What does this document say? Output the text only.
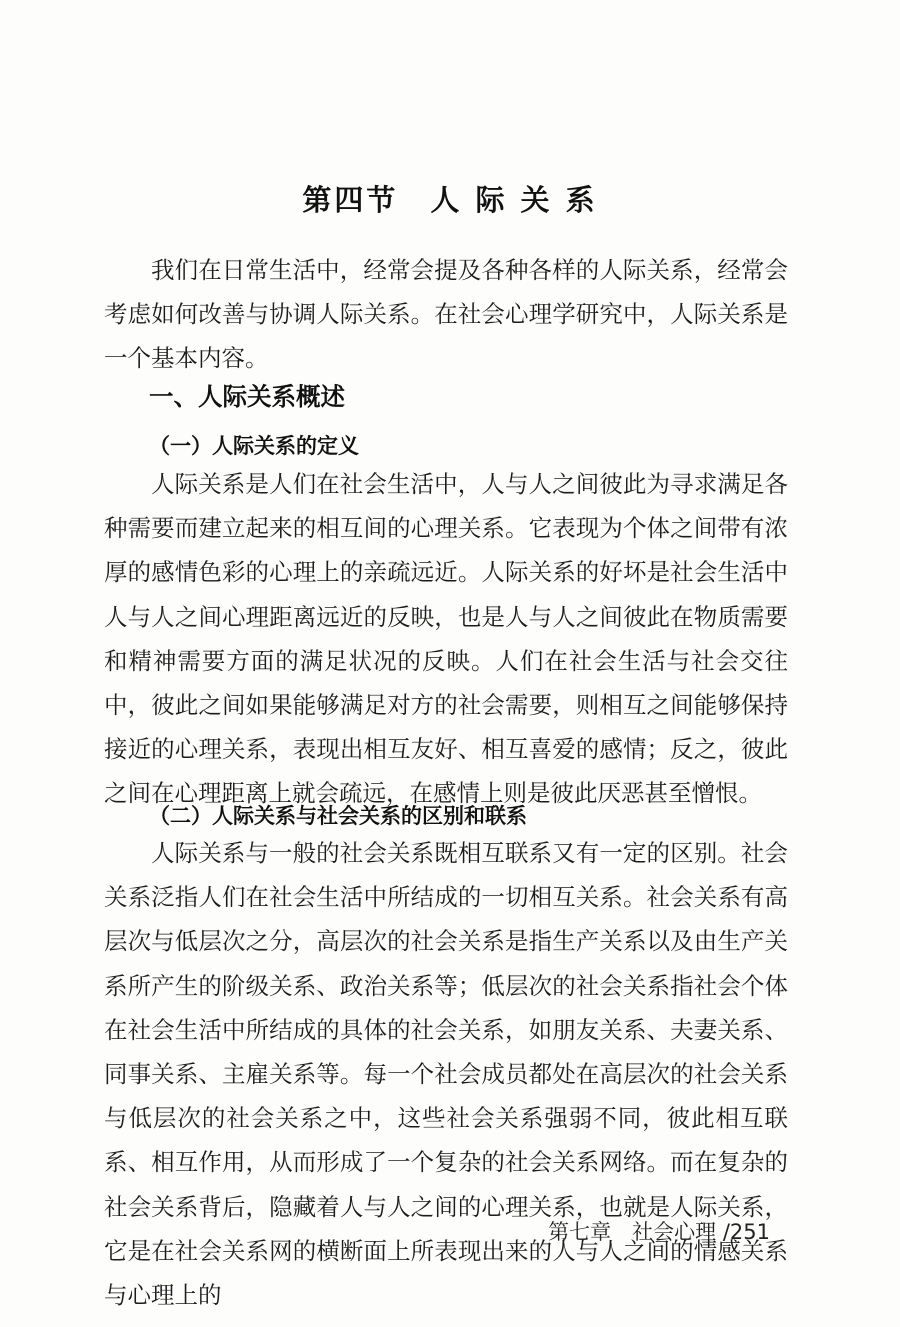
第四节　人 际 关 系

我们在日常生活中，经常会提及各种各样的人际关系，经常会考虑如何改善与协调人际关系。在社会心理学研究中，人际关系是一个基本内容。

一、人际关系概述
（一）人际关系的定义

人际关系是人们在社会生活中，人与人之间彼此为寻求满足各种需要而建立起来的相互间的心理关系。它表现为个体之间带有浓厚的感情色彩的心理上的亲疏远近。人际关系的好坏是社会生活中人与人之间心理距离远近的反映，也是人与人之间彼此在物质需要和精神需要方面的满足状况的反映。人们在社会生活与社会交往中，彼此之间如果能够满足对方的社会需要，则相互之间能够保持接近的心理关系，表现出相互友好、相互喜爱的感情；反之，彼此之间在心理距离上就会疏远，在感情上则是彼此厌恶甚至憎恨。

（二）人际关系与社会关系的区别和联系

人际关系与一般的社会关系既相互联系又有一定的区别。社会关系泛指人们在社会生活中所结成的一切相互关系。社会关系有高层次与低层次之分，高层次的社会关系是指生产关系以及由生产关系所产生的阶级关系、政治关系等；低层次的社会关系指社会个体在社会生活中所结成的具体的社会关系，如朋友关系、夫妻关系、同事关系、主雇关系等。每一个社会成员都处在高层次的社会关系与低层次的社会关系之中，这些社会关系强弱不同，彼此相互联系、相互作用，从而形成了一个复杂的社会关系网络。而在复杂的社会关系背后，隐藏着人与人之间的心理关系，也就是人际关系，它是在社会关系网的横断面上所表现出来的人与人之间的情感关系与心理上的

第七章　社会心理 /251
